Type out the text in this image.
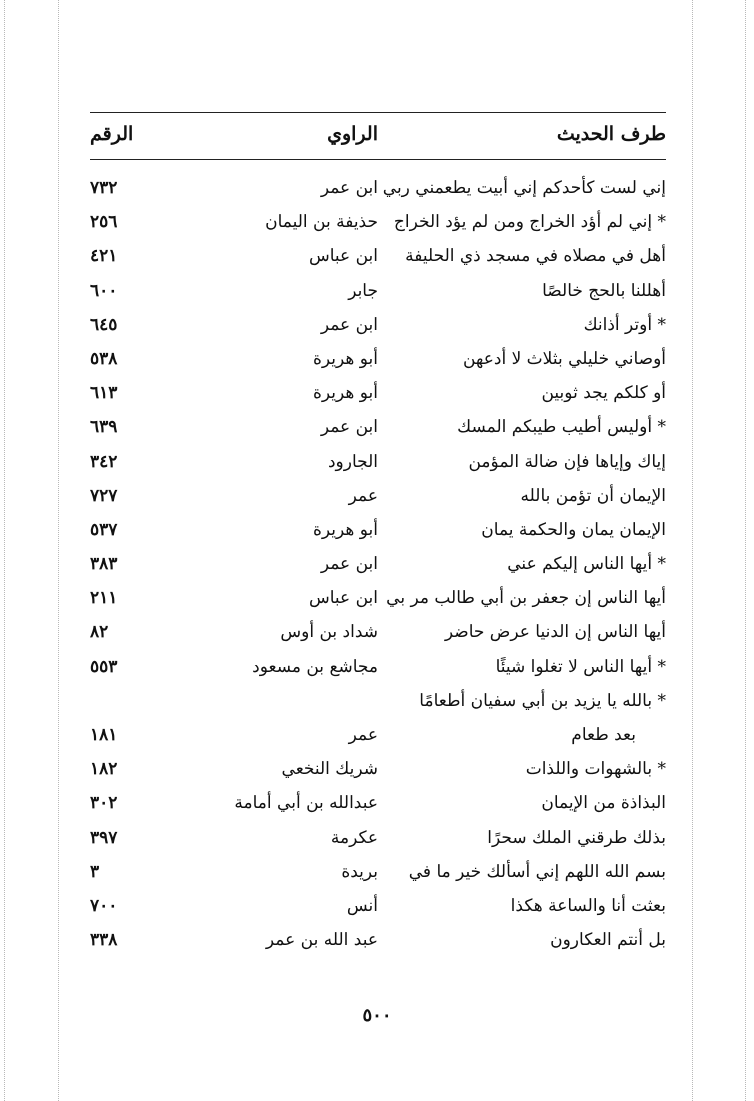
طرف الحديث
الراوي
الرقم
إني لست كأحدكم إني أبيت يطعمني ربي
ابن عمر
٧٣٢
* إني لم أؤد الخراج ومن لم يؤد الخراج
حذيفة بن اليمان
٢٥٦
أهل في مصلاه في مسجد ذي الحليفة
ابن عباس
٤٢١
أهللنا بالحج خالصًا
جابر
٦٠٠
* أوتر أذانك
ابن عمر
٦٤٥
أوصاني خليلي بثلاث لا أدعهن
أبو هريرة
٥٣٨
أو كلكم يجد ثوبين
أبو هريرة
٦١٣
* أوليس أطيب طيبكم المسك
ابن عمر
٦٣٩
إياك وإياها فإن ضالة المؤمن
الجارود
٣٤٢
الإيمان أن تؤمن بالله
عمر
٧٢٧
الإيمان يمان والحكمة يمان
أبو هريرة
٥٣٧
* أيها الناس إليكم عني
ابن عمر
٣٨٣
أيها الناس إن جعفر بن أبي طالب مر بي
ابن عباس
٢١١
أيها الناس إن الدنيا عرض حاضر
شداد بن أوس
٨٢
* أيها الناس لا تغلوا شيئًا
مجاشع بن مسعود
٥٥٣
* بالله يا يزيد بن أبي سفيان أطعامًا
بعد طعام
عمر
١٨١
* بالشهوات واللذات
شريك النخعي
١٨٢
البذاذة من الإيمان
عبدالله بن أبي أمامة
٣٠٢
بذلك طرقني الملك سحرًا
عكرمة
٣٩٧
بسم الله اللهم إني أسألك خير ما في
بريدة
٣
بعثت أنا والساعة هكذا
أنس
٧٠٠
بل أنتم العكارون
عبد الله بن عمر
٣٣٨
٥٠٠
